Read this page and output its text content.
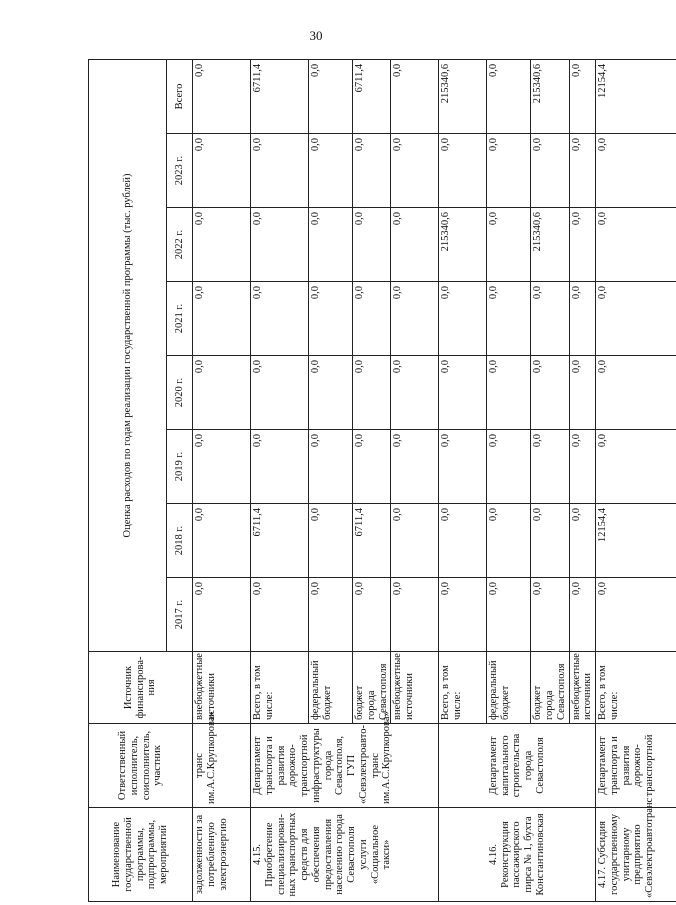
30
Наименование государственной программы, подпрограммы, мероприятий	Ответственный исполнитель, соисполнитель, участник	Источник финансирова-ния	Оценка расходов по годам реализации государственной программы (тыс. рублей)							
			2017 г.	2018 г.	2019 г.	2020 г.	2021 г.	2022 г.	2023 г.	Всего
задолженности за потребленную электроэнергию	транс им.А.С.Крупкорова»	внебюджетные источники	0,0	0,0	0,0	0,0	0,0	0,0	0,0	0,0
4.15. Приобретение специализирован-ных транспортных средств для обеспечения предоставления населению города Севастополя услуги «Социальное такси»	Департамент транспорта и развития дорожно-транспортной инфраструктуры города Севастополя, ГУП «Севэлектроавто-транс им.А.С.Крупкорова»	Всего, в том числе:	0,0	6711,4	0,0	0,0	0,0	0,0	0,0	6711,4
		федеральный бюджет	0,0	0,0	0,0	0,0	0,0	0,0	0,0	0,0
		бюджет города Севастополя	0,0	6711,4	0,0	0,0	0,0	0,0	0,0	6711,4
		внебюджетные источники	0,0	0,0	0,0	0,0	0,0	0,0	0,0	0,0
4.16. Реконструкция пассажирского пирса № 1, бухта Константиновская	Департамент капитального строительства города Севастополя	Всего, в том числе:	0,0	0,0	0,0	0,0	0,0	215340,6	0,0	215340,6
		федеральный бюджет	0,0	0,0	0,0	0,0	0,0	0,0	0,0	0,0
		бюджет города Севастополя	0,0	0,0	0,0	0,0	0,0	215340,6	0,0	215340,6
		внебюджетные источники	0,0	0,0	0,0	0,0	0,0	0,0	0,0	0,0
4.17. Субсидия государственному унитарному предприятию «Севэлектроавтотранс	Департамент транспорта и развития дорожно-транспортной	Всего, в том числе:	0,0	12154,4	0,0	0,0	0,0	0,0	0,0	12154,4
